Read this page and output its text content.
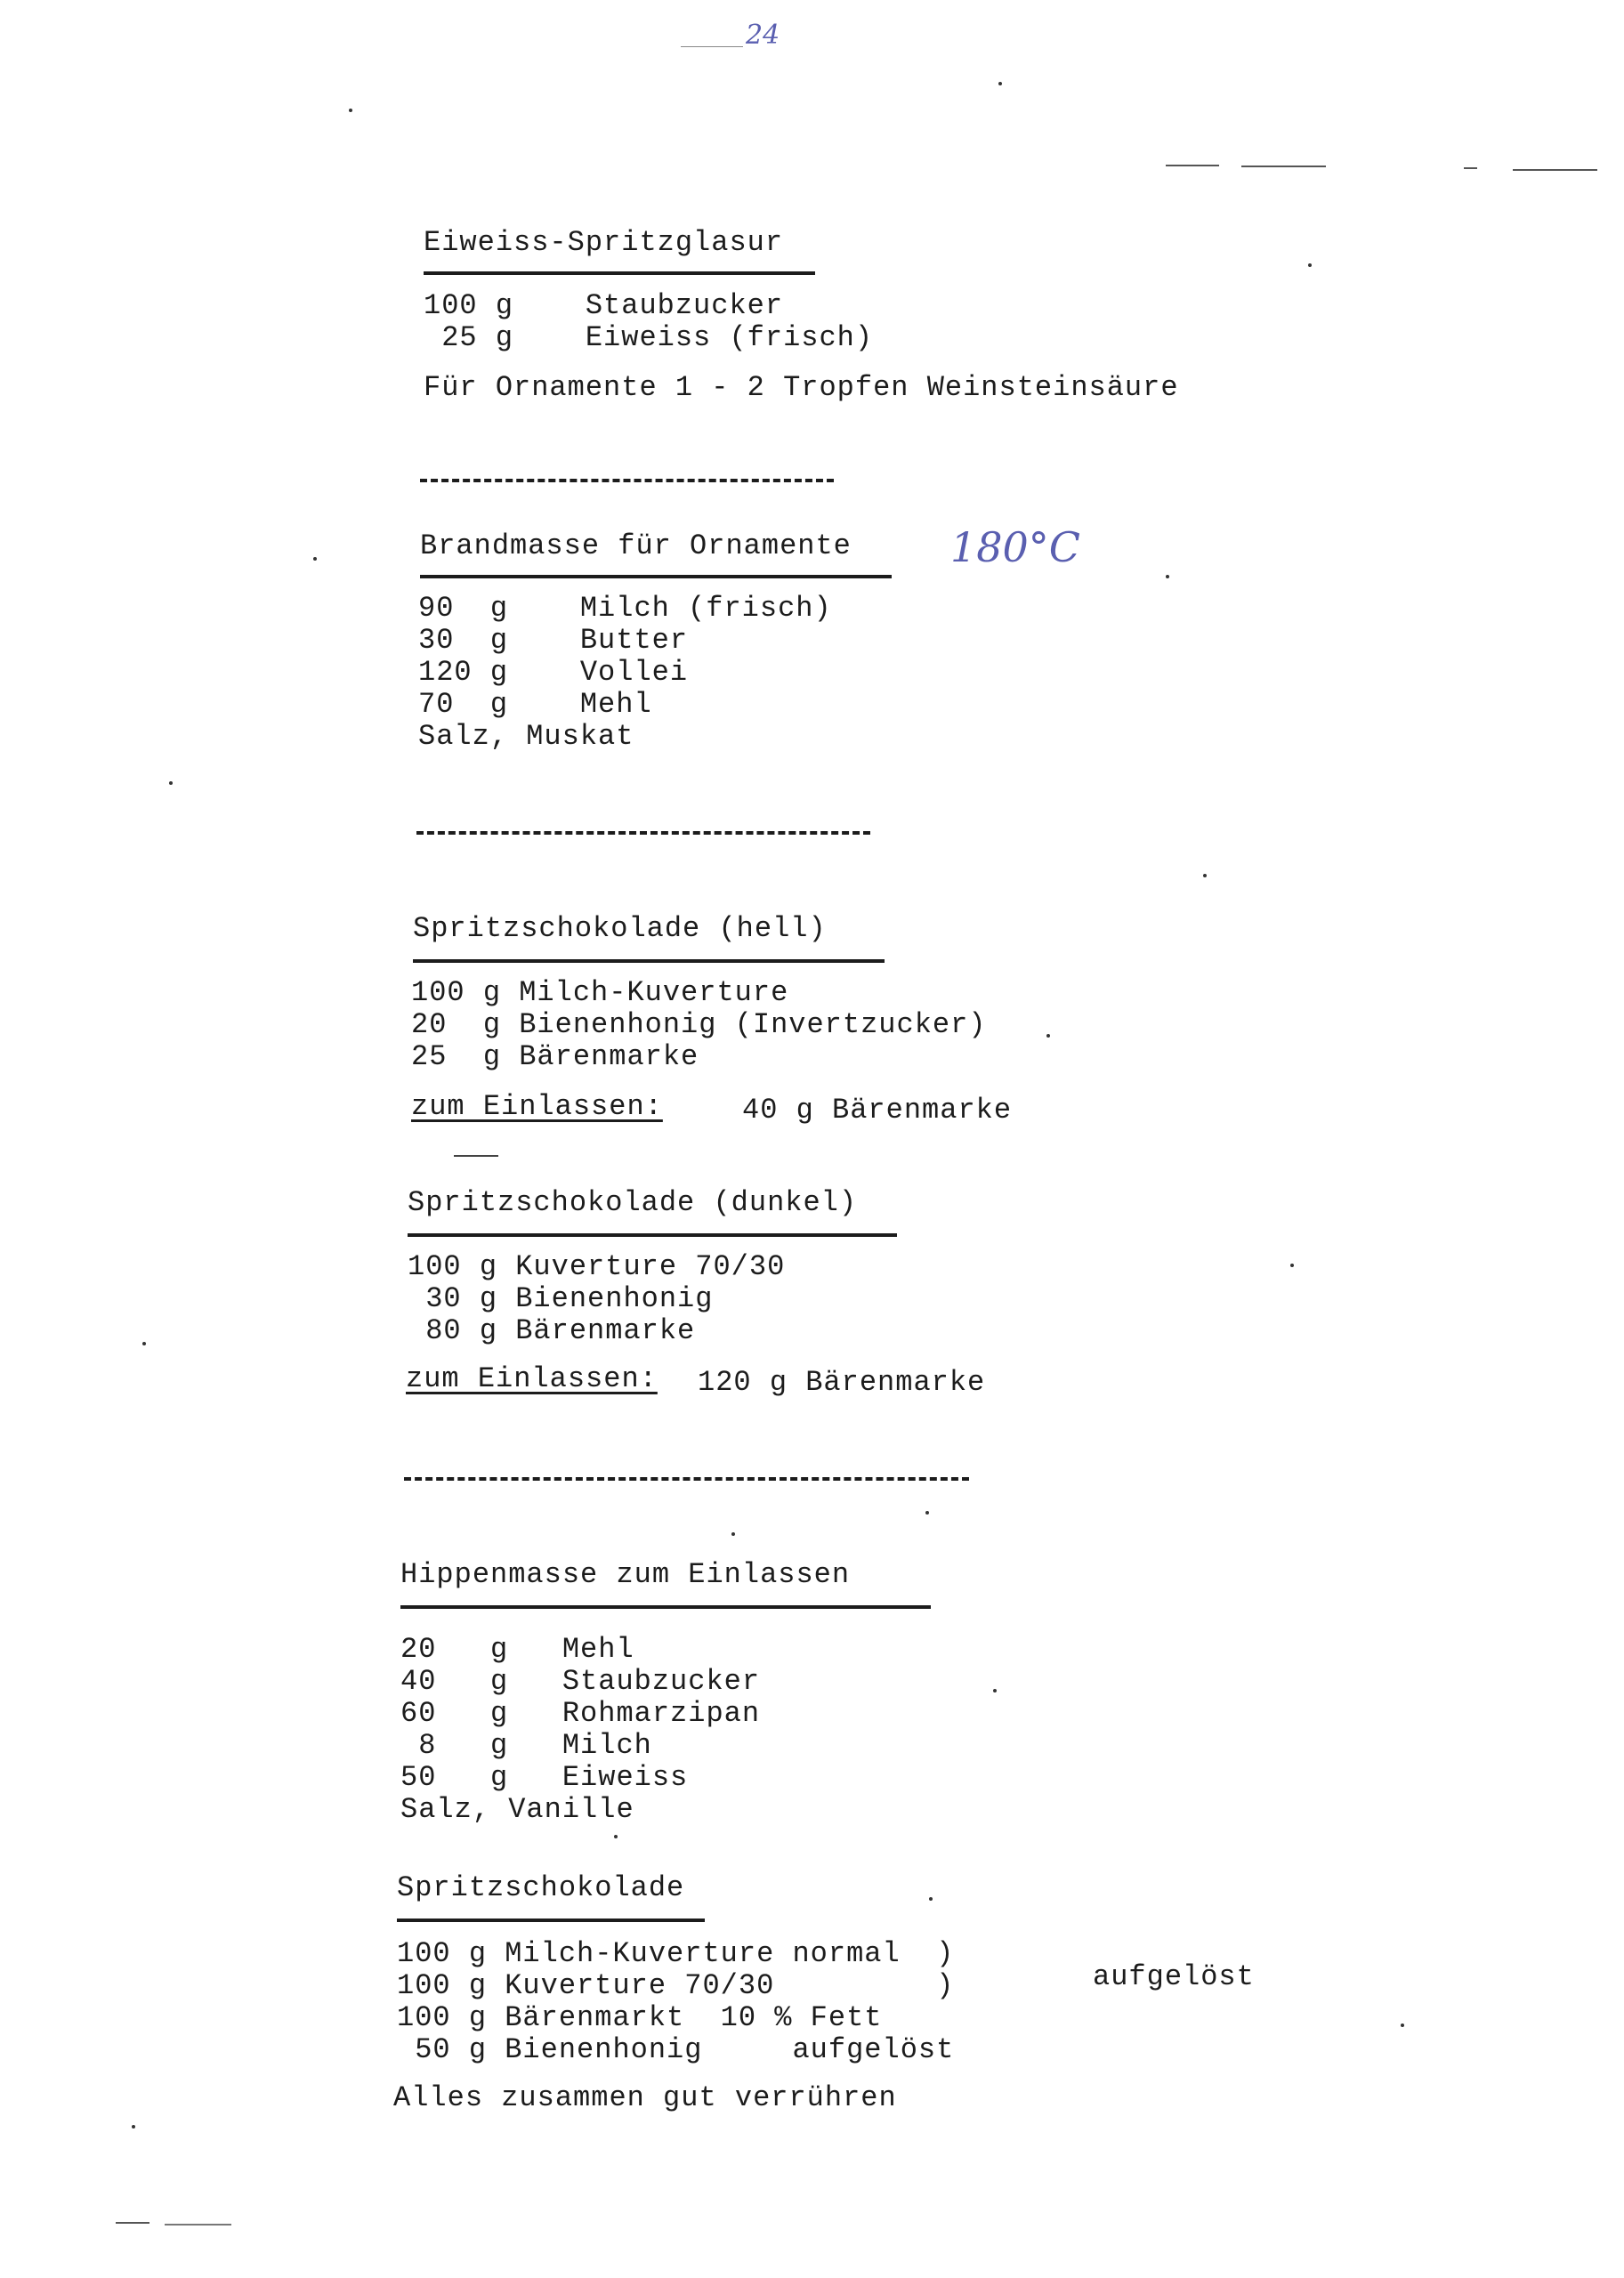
24
Eiweiss-Spritzglasur
100 g    Staubzucker
25 g    Eiweiss (frisch)
Für Ornamente 1 - 2 Tropfen Weinsteinsäure
Brandmasse für Ornamente 180°C
90  g    Milch (frisch)
30  g    Butter
120 g    Vollei
70  g    Mehl
Salz, Muskat
Spritzschokolade (hell)
100 g Milch-Kuverture
20  g Bienenhonig (Invertzucker)
25  g Bärenmarke
zum Einlassen:	40 g Bärenmarke
Spritzschokolade (dunkel)
100 g Kuverture 70/30
30 g Bienenhonig
80 g Bärenmarke
zum Einlassen: 120 g Bärenmarke
Hippenmasse zum Einlassen
20   g   Mehl
40   g   Staubzucker
60   g   Rohmarzipan
8   g   Milch
50   g   Eiweiss
Salz, Vanille
Spritzschokolade
100 g Milch-Kuverture normal  )
100 g Kuverture 70/30         )
100 g Bärenmarkt  10 % Fett
50 g Bienenhonig     aufgelöst
aufgelöst
Alles zusammen gut verrühren
